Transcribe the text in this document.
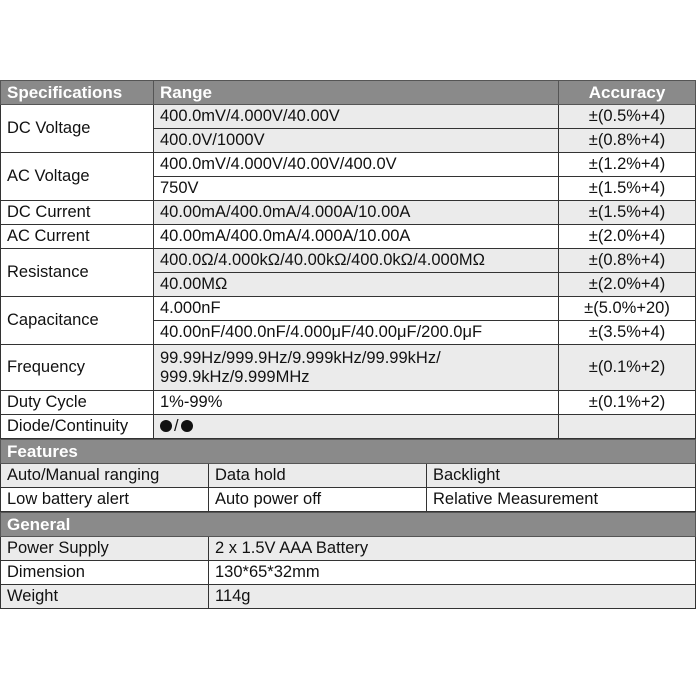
Specifications	Range	Accuracy
DC Voltage	400.0mV/4.000V/40.00V	±(0.5%+4)
	400.0V/1000V	±(0.8%+4)
AC Voltage	400.0mV/4.000V/40.00V/400.0V	±(1.2%+4)
	750V	±(1.5%+4)
DC Current	40.00mA/400.0mA/4.000A/10.00A	±(1.5%+4)
AC Current	40.00mA/400.0mA/4.000A/10.00A	±(2.0%+4)
Resistance	400.0Ω/4.000kΩ/40.00kΩ/400.0kΩ/4.000MΩ	±(0.8%+4)
	40.00MΩ	±(2.0%+4)
Capacitance	4.000nF	±(5.0%+20)
	40.00nF/400.0nF/4.000μF/40.00μF/200.0μF	±(3.5%+4)
Frequency	99.99Hz/999.9Hz/9.999kHz/99.99kHz/
999.9kHz/9.999MHz	±(0.1%+2)
Duty Cycle	1%-99%	±(0.1%+2)
Diode/Continuity	/	
Features		
Auto/Manual ranging	Data hold	Backlight
Low battery alert	Auto power off	Relative Measurement
General	
Power Supply	2 x 1.5V AAA Battery
Dimension	130*65*32mm
Weight	114g
